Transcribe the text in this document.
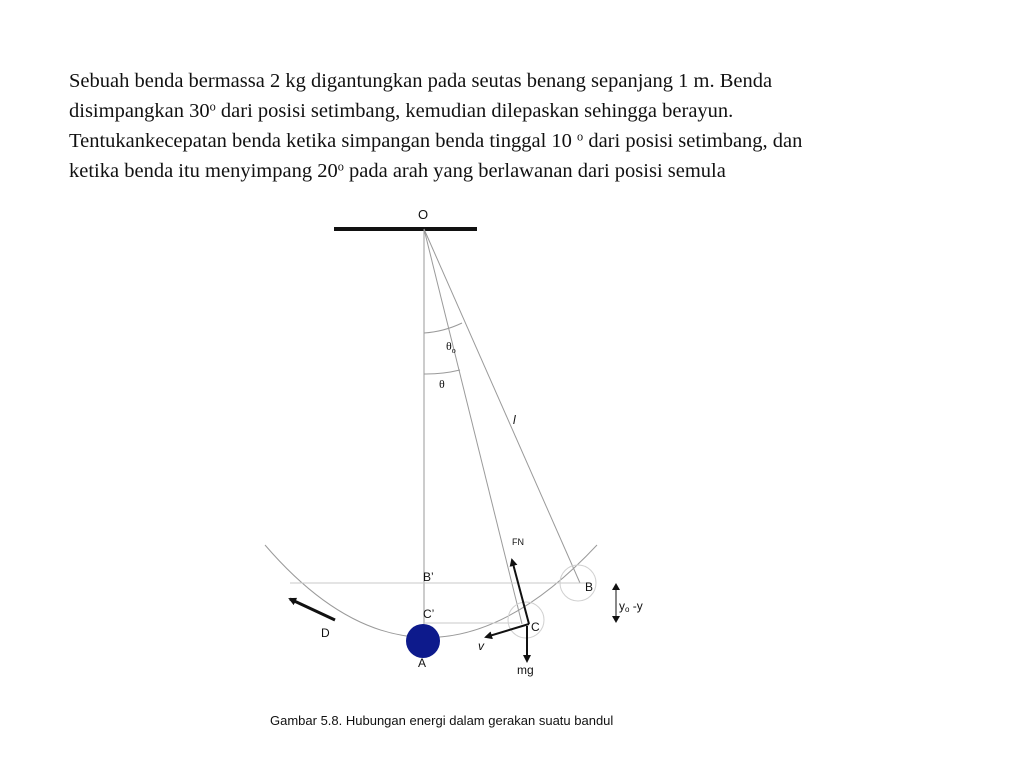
Sebuah benda bermassa 2 kg digantungkan pada seutas benang sepanjang 1 m. Benda
disimpangkan 30$^o$ dari posisi setimbang, kemudian dilepaskan sehingga berayun.
Tentukankecepatan benda ketika simpangan benda tinggal 10 $^o$ dari posisi setimbang, dan
ketika benda itu menyimpang 20$^o$ pada arah yang berlawanan dari posisi semula

O
$\theta_o$
θ
l
FN
B’
B
C’
C
D
A
v
mg
yo -y
Gambar 5.8. Hubungan energi dalam gerakan suatu bandul
